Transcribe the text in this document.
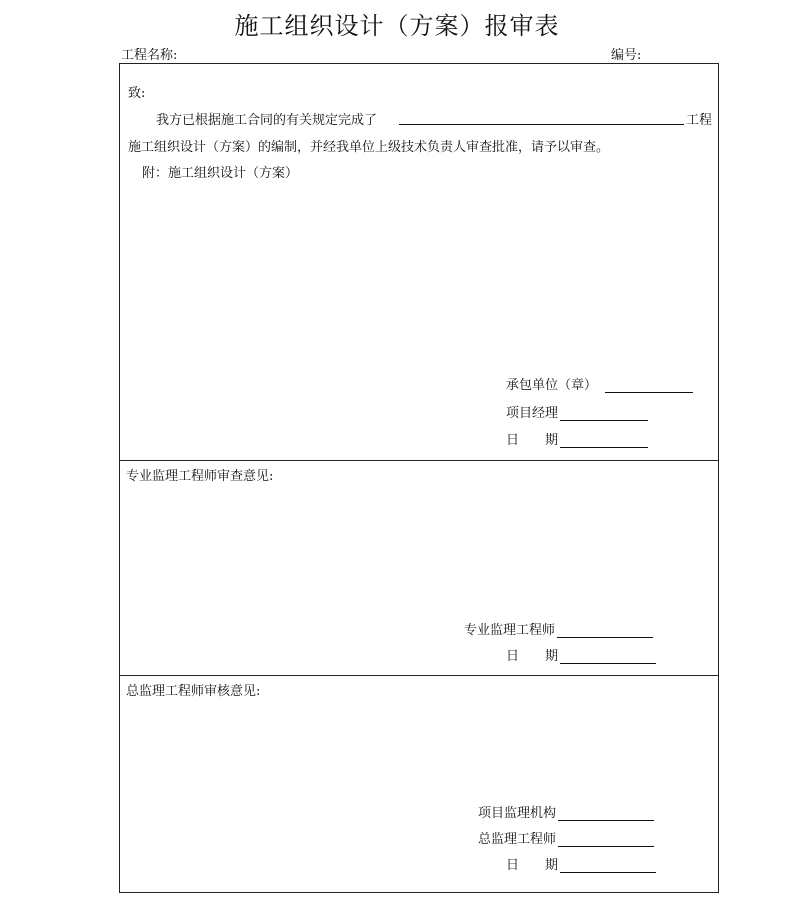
施工组织设计（方案）报审表
工程名称:	编号:
致:
我方已根据施工合同的有关规定完成了	工程
施工组织设计（方案）的编制，并经我单位上级技术负责人审查批准，请予以审查。
附：施工组织设计（方案）
承包单位（章）
项目经理
日　　期
专业监理工程师审查意见:
专业监理工程师
日　　期
总监理工程师审核意见:
项目监理机构
总监理工程师
日　　期
